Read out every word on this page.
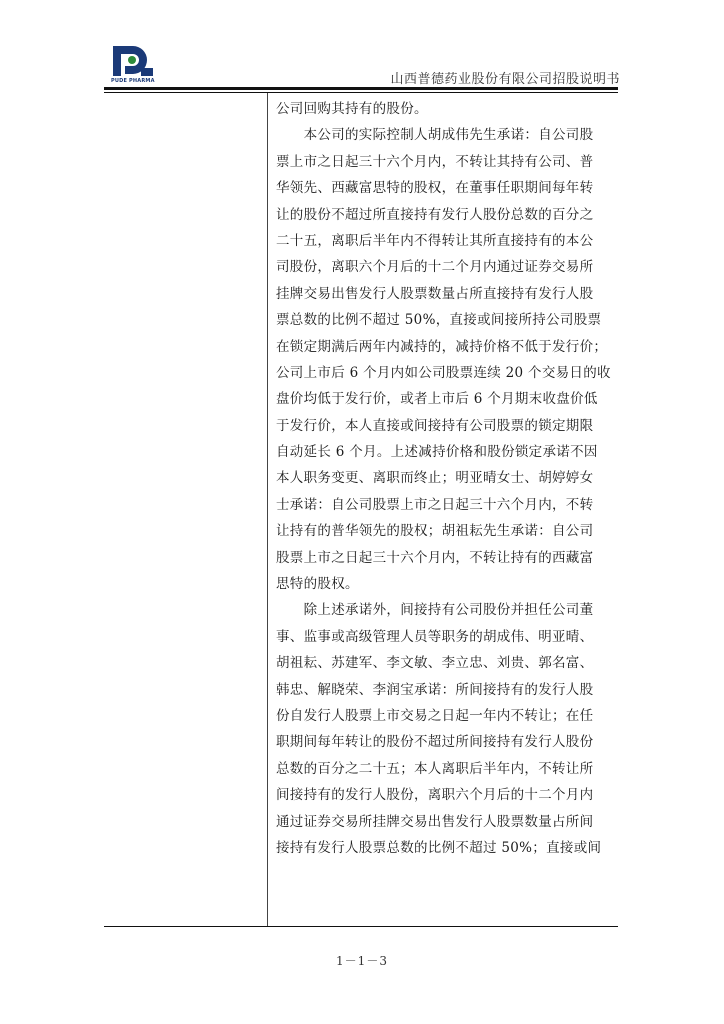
PUDE PHARMA	山西普德药业股份有限公司招股说明书
公司回购其持有的股份。
　　本公司的实际控制人胡成伟先生承诺：自公司股
票上市之日起三十六个月内，不转让其持有公司、普
华领先、西藏富思特的股权，在董事任职期间每年转
让的股份不超过所直接持有发行人股份总数的百分之
二十五，离职后半年内不得转让其所直接持有的本公
司股份，离职六个月后的十二个月内通过证券交易所
挂牌交易出售发行人股票数量占所直接持有发行人股
票总数的比例不超过 50%，直接或间接所持公司股票
在锁定期满后两年内减持的，减持价格不低于发行价；
公司上市后 6 个月内如公司股票连续 20 个交易日的收
盘价均低于发行价，或者上市后 6 个月期末收盘价低
于发行价，本人直接或间接持有公司股票的锁定期限
自动延长 6 个月。上述减持价格和股份锁定承诺不因
本人职务变更、离职而终止；明亚晴女士、胡婷婷女
士承诺：自公司股票上市之日起三十六个月内，不转
让持有的普华领先的股权；胡祖耘先生承诺：自公司
股票上市之日起三十六个月内，不转让持有的西藏富
思特的股权。
　　除上述承诺外，间接持有公司股份并担任公司董
事、监事或高级管理人员等职务的胡成伟、明亚晴、
胡祖耘、苏建军、李文敏、李立忠、刘贵、郭名富、
韩忠、解晓荣、李润宝承诺：所间接持有的发行人股
份自发行人股票上市交易之日起一年内不转让；在任
职期间每年转让的股份不超过所间接持有发行人股份
总数的百分之二十五；本人离职后半年内，不转让所
间接持有的发行人股份，离职六个月后的十二个月内
通过证券交易所挂牌交易出售发行人股票数量占所间
接持有发行人股票总数的比例不超过 50%；直接或间
1－1－3
